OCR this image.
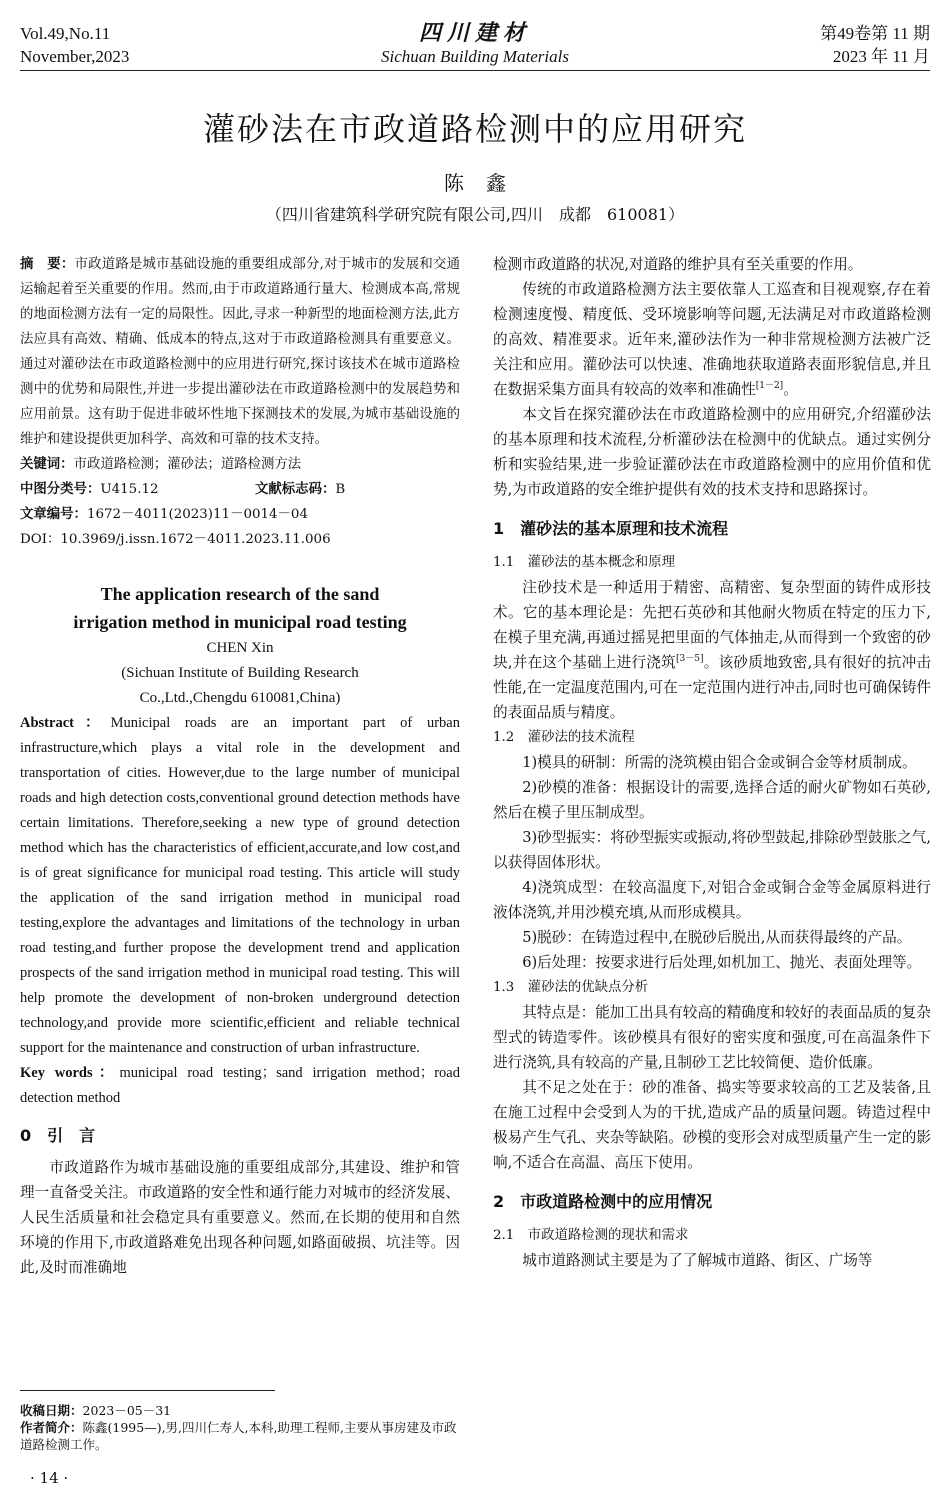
Vol.49,No.11
November,2023
四川建材
Sichuan Building Materials
第49卷第 11 期
2023 年 11 月
灌砂法在市政道路检测中的应用研究
陈鑫
（四川省建筑科学研究院有限公司,四川　成都　610081）
摘　要：市政道路是城市基础设施的重要组成部分,对于城市的发展和交通运输起着至关重要的作用。然而,由于市政道路通行量大、检测成本高,常规的地面检测方法有一定的局限性。因此,寻求一种新型的地面检测方法,此方法应具有高效、精确、低成本的特点,这对于市政道路检测具有重要意义。通过对灌砂法在市政道路检测中的应用进行研究,探讨该技术在城市道路检测中的优势和局限性,并进一步提出灌砂法在市政道路检测中的发展趋势和应用前景。这有助于促进非破坏性地下探测技术的发展,为城市基础设施的维护和建设提供更加科学、高效和可靠的技术支持。
关键词：市政道路检测；灌砂法；道路检测方法
中图分类号：U415.12	文献标志码：B
文章编号：1672－4011(2023)11－0014－04
DOI：10.3969/j.issn.1672－4011.2023.11.006
The application research of the sand
irrigation method in municipal road testing
CHEN Xin
(Sichuan Institute of Building Research
Co.,Ltd.,Chengdu 610081,China)
Abstract：Municipal roads are an important part of urban infrastructure,which plays a vital role in the development and transportation of cities. However,due to the large number of municipal roads and high detection costs,conventional ground detection methods have certain limitations. Therefore,seeking a new type of ground detection method which has the characteristics of efficient,accurate,and low cost,and is of great significance for municipal road testing. This article will study the application of the sand irrigation method in municipal road testing,explore the advantages and limitations of the technology in urban road testing,and further propose the development trend and application prospects of the sand irrigation method in municipal road testing. This will help promote the development of non-broken underground detection technology,and provide more scientific,efficient and reliable technical support for the maintenance and construction of urban infrastructure.
Key words：municipal road testing；sand irrigation method；road detection method
0　引　言

市政道路作为城市基础设施的重要组成部分,其建设、维护和管理一直备受关注。市政道路的安全性和通行能力对城市的经济发展、人民生活质量和社会稳定具有重要意义。然而,在长期的使用和自然环境的作用下,市政道路难免出现各种问题,如路面破损、坑洼等。因此,及时而准确地

收稿日期：2023－05－31
作者简介：陈鑫(1995—),男,四川仁寿人,本科,助理工程师,主要从事房建及市政道路检测工作。
· 14 ·

检测市政道路的状况,对道路的维护具有至关重要的作用。

传统的市政道路检测方法主要依靠人工巡查和目视观察,存在着检测速度慢、精度低、受环境影响等问题,无法满足对市政道路检测的高效、精准要求。近年来,灌砂法作为一种非常规检测方法被广泛关注和应用。灌砂法可以快速、准确地获取道路表面形貌信息,并且在数据采集方面具有较高的效率和准确性[1－2]。

本文旨在探究灌砂法在市政道路检测中的应用研究,介绍灌砂法的基本原理和技术流程,分析灌砂法在检测中的优缺点。通过实例分析和实验结果,进一步验证灌砂法在市政道路检测中的应用价值和优势,为市政道路的安全维护提供有效的技术支持和思路探讨。

1　灌砂法的基本原理和技术流程
1.1　灌砂法的基本概念和原理

注砂技术是一种适用于精密、高精密、复杂型面的铸件成形技术。它的基本理论是：先把石英砂和其他耐火物质在特定的压力下,在模子里充满,再通过摇晃把里面的气体抽走,从而得到一个致密的砂块,并在这个基础上进行浇筑[3－5]。该砂质地致密,具有很好的抗冲击性能,在一定温度范围内,可在一定范围内进行冲击,同时也可确保铸件的表面品质与精度。

1.2　灌砂法的技术流程

1)模具的研制：所需的浇筑模由铝合金或铜合金等材质制成。

2)砂模的准备：根据设计的需要,选择合适的耐火矿物如石英砂,然后在模子里压制成型。

3)砂型振实：将砂型振实或振动,将砂型鼓起,排除砂型鼓胀之气,以获得固体形状。

4)浇筑成型：在较高温度下,对铝合金或铜合金等金属原料进行液体浇筑,并用沙模充填,从而形成模具。

5)脱砂：在铸造过程中,在脱砂后脱出,从而获得最终的产品。

6)后处理：按要求进行后处理,如机加工、抛光、表面处理等。

1.3　灌砂法的优缺点分析

其特点是：能加工出具有较高的精确度和较好的表面品质的复杂型式的铸造零件。该砂模具有很好的密实度和强度,可在高温条件下进行浇筑,具有较高的产量,且制砂工艺比较简便、造价低廉。

其不足之处在于：砂的准备、捣实等要求较高的工艺及装备,且在施工过程中会受到人为的干扰,造成产品的质量问题。铸造过程中极易产生气孔、夹杂等缺陷。砂模的变形会对成型质量产生一定的影响,不适合在高温、高压下使用。

2　市政道路检测中的应用情况
2.1　市政道路检测的现状和需求

城市道路测试主要是为了了解城市道路、街区、广场等
